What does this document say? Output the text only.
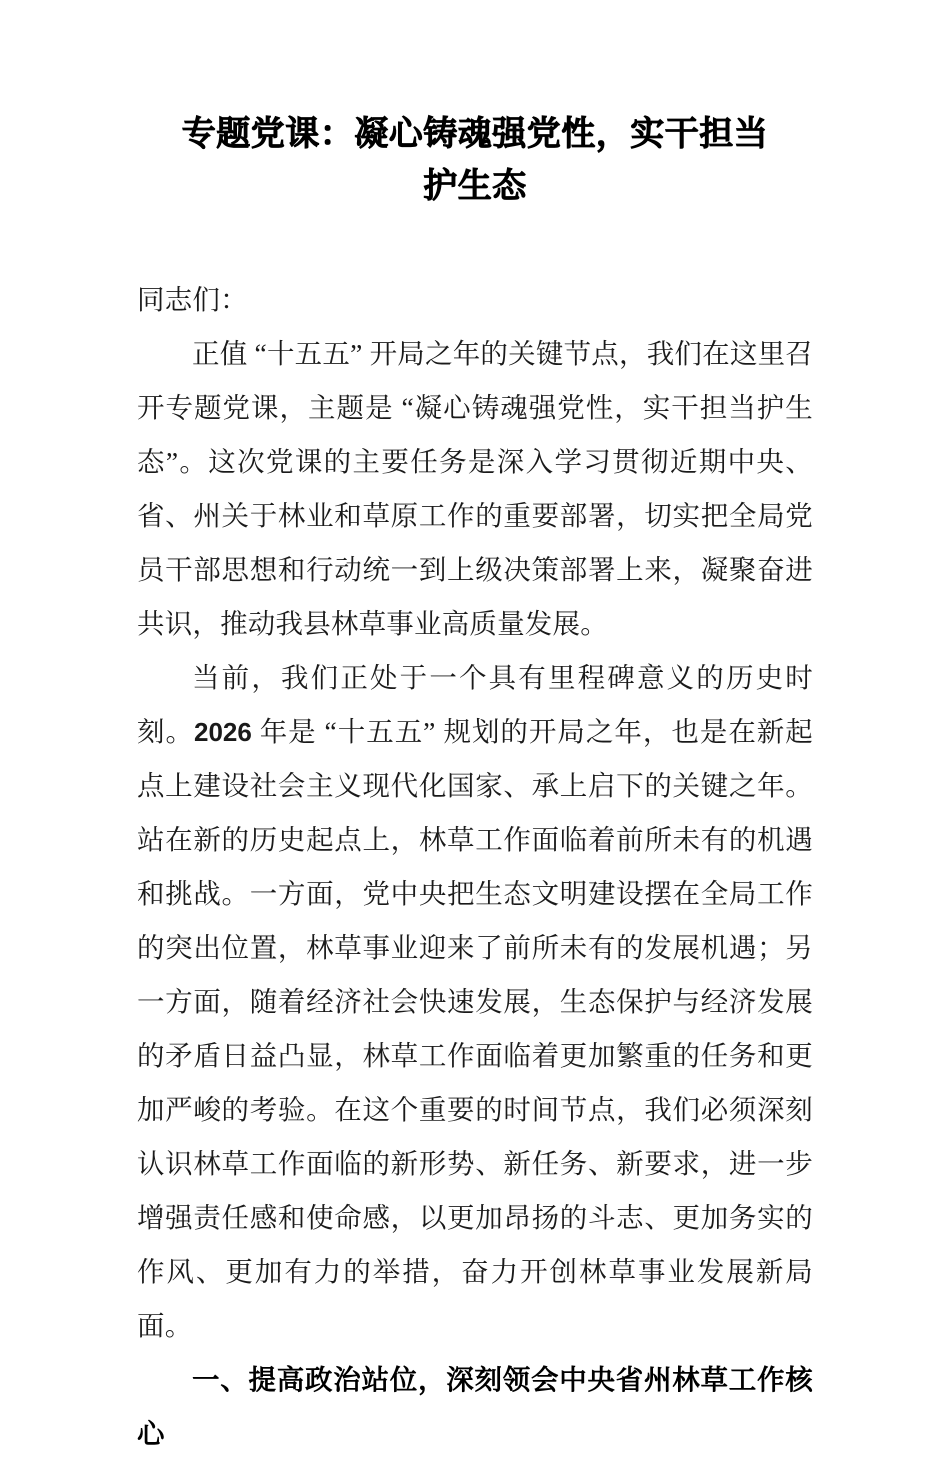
专题党课：凝心铸魂强党性，实干担当
护生态

同志们：

正值 “十五五” 开局之年的关键节点，我们在这里召开专题党课，主题是 “凝心铸魂强党性，实干担当护生态”。这次党课的主要任务是深入学习贯彻近期中央、省、州关于林业和草原工作的重要部署，切实把全局党员干部思想和行动统一到上级决策部署上来，凝聚奋进共识，推动我县林草事业高质量发展。

当前，我们正处于一个具有里程碑意义的历史时刻。2026 年是 “十五五” 规划的开局之年，也是在新起点上建设社会主义现代化国家、承上启下的关键之年。站在新的历史起点上，林草工作面临着前所未有的机遇和挑战。一方面，党中央把生态文明建设摆在全局工作的突出位置，林草事业迎来了前所未有的发展机遇；另一方面，随着经济社会快速发展，生态保护与经济发展的矛盾日益凸显，林草工作面临着更加繁重的任务和更加严峻的考验。在这个重要的时间节点，我们必须深刻认识林草工作面临的新形势、新任务、新要求，进一步增强责任感和使命感，以更加昂扬的斗志、更加务实的作风、更加有力的举措，奋力开创林草事业发展新局面。

一、提高政治站位，深刻领会中央省州林草工作核心
